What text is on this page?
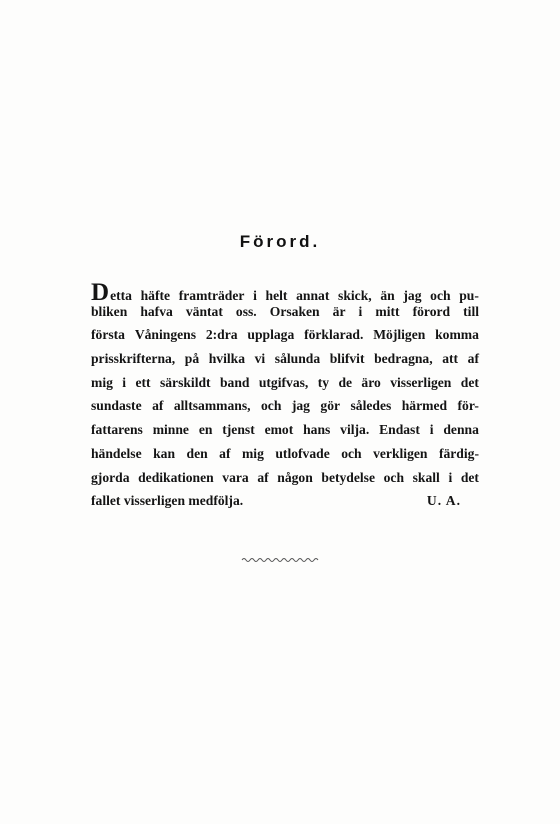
Förord.
D etta häfte framträder i helt annat skick, än jag och pu-
bliken hafva väntat oss. Orsaken är i mitt förord till
första Våningens 2:dra upplaga förklarad. Möjligen komma
prisskrifterna, på hvilka vi sålunda blifvit bedragna, att af
mig i ett särskildt band utgifvas, ty de äro visserligen det
sundaste af alltsammans, och jag gör således härmed för-
fattarens minne en tjenst emot hans vilja. Endast i denna
händelse kan den af mig utlofvade och verkligen färdig-
gjorda dedikationen vara af någon betydelse och skall i det
fallet visserligen medfölja.	U. A.
